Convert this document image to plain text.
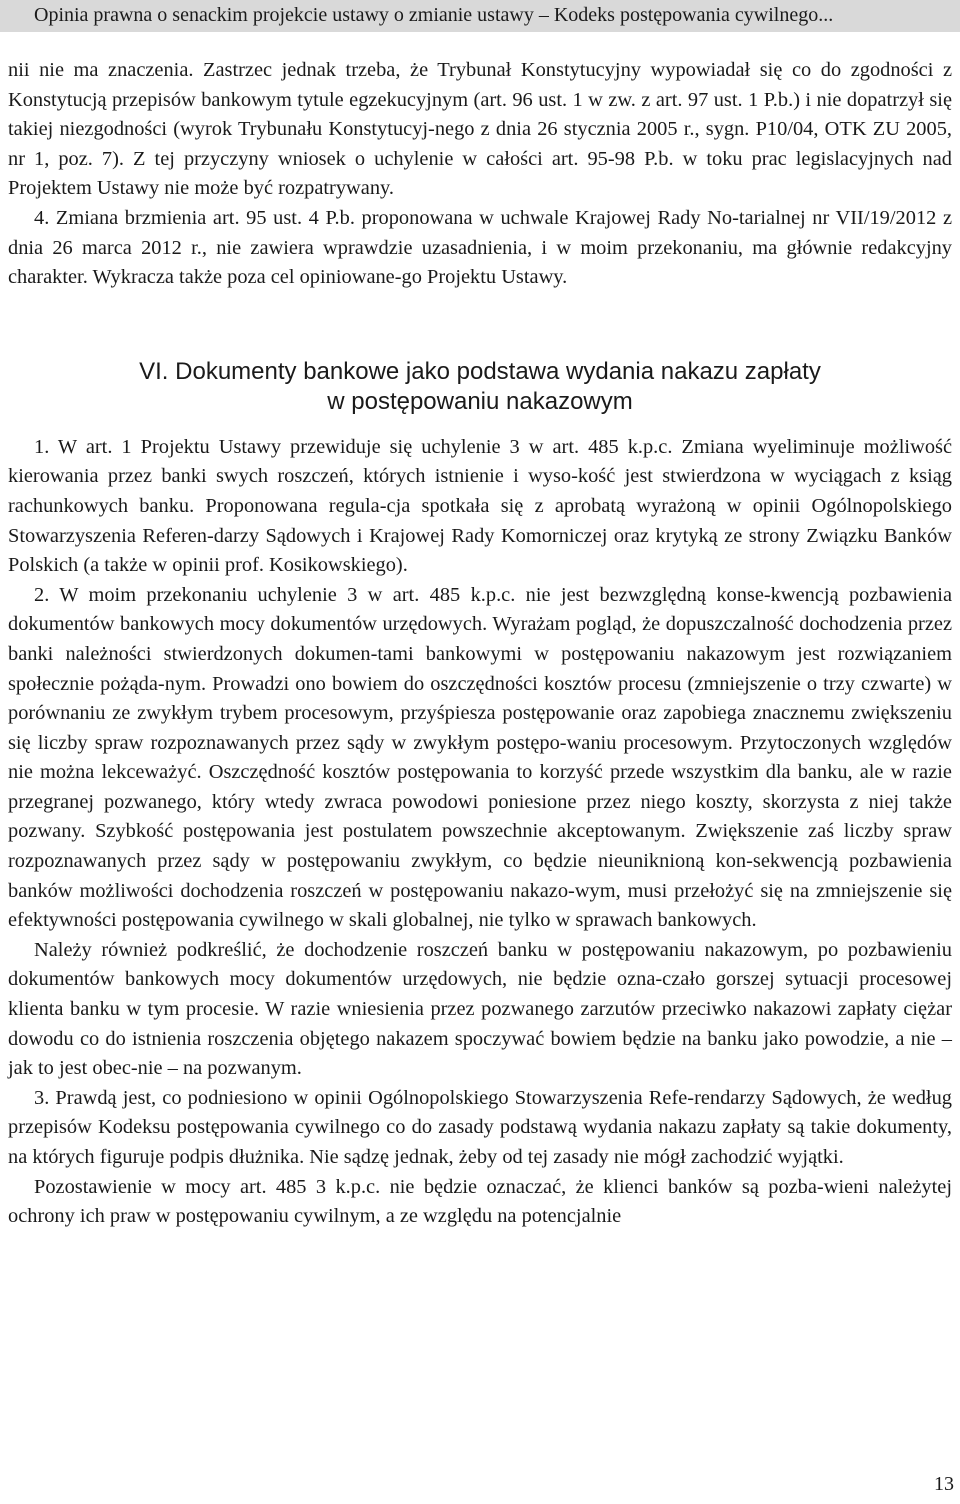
Opinia prawna o senackim projekcie ustawy o zmianie ustawy – Kodeks postępowania cywilnego...

nii nie ma znaczenia. Zastrzec jednak trzeba, że Trybunał Konstytucyjny wypowiadał się co do zgodności z Konstytucją przepisów bankowym tytule egzekucyjnym (art. 96 ust. 1 w zw. z art. 97 ust. 1 P.b.) i nie dopatrzył się takiej niezgodności (wyrok Trybunału Konstytucyj-nego z dnia 26 stycznia 2005 r., sygn. P10/04, OTK ZU 2005, nr 1, poz. 7). Z tej przyczyny wniosek o uchylenie w całości art. 95-98 P.b. w toku prac legislacyjnych nad Projektem Ustawy nie może być rozpatrywany.

4. Zmiana brzmienia art. 95 ust. 4 P.b. proponowana w uchwale Krajowej Rady No-tarialnej nr VII/19/2012 z dnia 26 marca 2012 r., nie zawiera wprawdzie uzasadnienia, i w moim przekonaniu, ma głównie redakcyjny charakter. Wykracza także poza cel opiniowane-go Projektu Ustawy.

VI. Dokumenty bankowe jako podstawa wydania nakazu zapłaty
w postępowaniu nakazowym

1. W art. 1 Projektu Ustawy przewiduje się uchylenie 3 w art. 485 k.p.c. Zmiana wyeliminuje możliwość kierowania przez banki swych roszczeń, których istnienie i wyso-kość jest stwierdzona w wyciągach z ksiąg rachunkowych banku. Proponowana regula-cja spotkała się z aprobatą wyrażoną w opinii Ogólnopolskiego Stowarzyszenia Referen-darzy Sądowych i Krajowej Rady Komorniczej oraz krytyką ze strony Związku Banków Polskich (a także w opinii prof. Kosikowskiego).

2. W moim przekonaniu uchylenie 3 w art. 485 k.p.c. nie jest bezwzględną konse-kwencją pozbawienia dokumentów bankowych mocy dokumentów urzędowych. Wyrażam pogląd, że dopuszczalność dochodzenia przez banki należności stwierdzonych dokumen-tami bankowymi w postępowaniu nakazowym jest rozwiązaniem społecznie pożąda-nym. Prowadzi ono bowiem do oszczędności kosztów procesu (zmniejszenie o trzy czwarte) w porównaniu ze zwykłym trybem procesowym, przyśpiesza postępowanie oraz zapobiega znacznemu zwiększeniu się liczby spraw rozpoznawanych przez sądy w zwykłym postępo-waniu procesowym. Przytoczonych względów nie można lekceważyć. Oszczędność kosztów postępowania to korzyść przede wszystkim dla banku, ale w razie przegranej pozwanego, który wtedy zwraca powodowi poniesione przez niego koszty, skorzysta z niej także pozwany. Szybkość postępowania jest postulatem powszechnie akceptowanym. Zwiększenie zaś liczby spraw rozpoznawanych przez sądy w postępowaniu zwykłym, co będzie nieuniknioną kon-sekwencją pozbawienia banków możliwości dochodzenia roszczeń w postępowaniu nakazo-wym, musi przełożyć się na zmniejszenie się efektywności postępowania cywilnego w skali globalnej, nie tylko w sprawach bankowych.

Należy również podkreślić, że dochodzenie roszczeń banku w postępowaniu nakazowym, po pozbawieniu dokumentów bankowych mocy dokumentów urzędowych, nie będzie ozna-czało gorszej sytuacji procesowej klienta banku w tym procesie. W razie wniesienia przez pozwanego zarzutów przeciwko nakazowi zapłaty ciężar dowodu co do istnienia roszczenia objętego nakazem spoczywać bowiem będzie na banku jako powodzie, a nie – jak to jest obec-nie – na pozwanym.

3. Prawdą jest, co podniesiono w opinii Ogólnopolskiego Stowarzyszenia Refe-rendarzy Sądowych, że według przepisów Kodeksu postępowania cywilnego co do zasady podstawą wydania nakazu zapłaty są takie dokumenty, na których figuruje podpis dłużnika. Nie sądzę jednak, żeby od tej zasady nie mógł zachodzić wyjątki.

Pozostawienie w mocy art. 485 3 k.p.c. nie będzie oznaczać, że klienci banków są pozba-wieni należytej ochrony ich praw w postępowaniu cywilnym, a ze względu na potencjalnie

13
